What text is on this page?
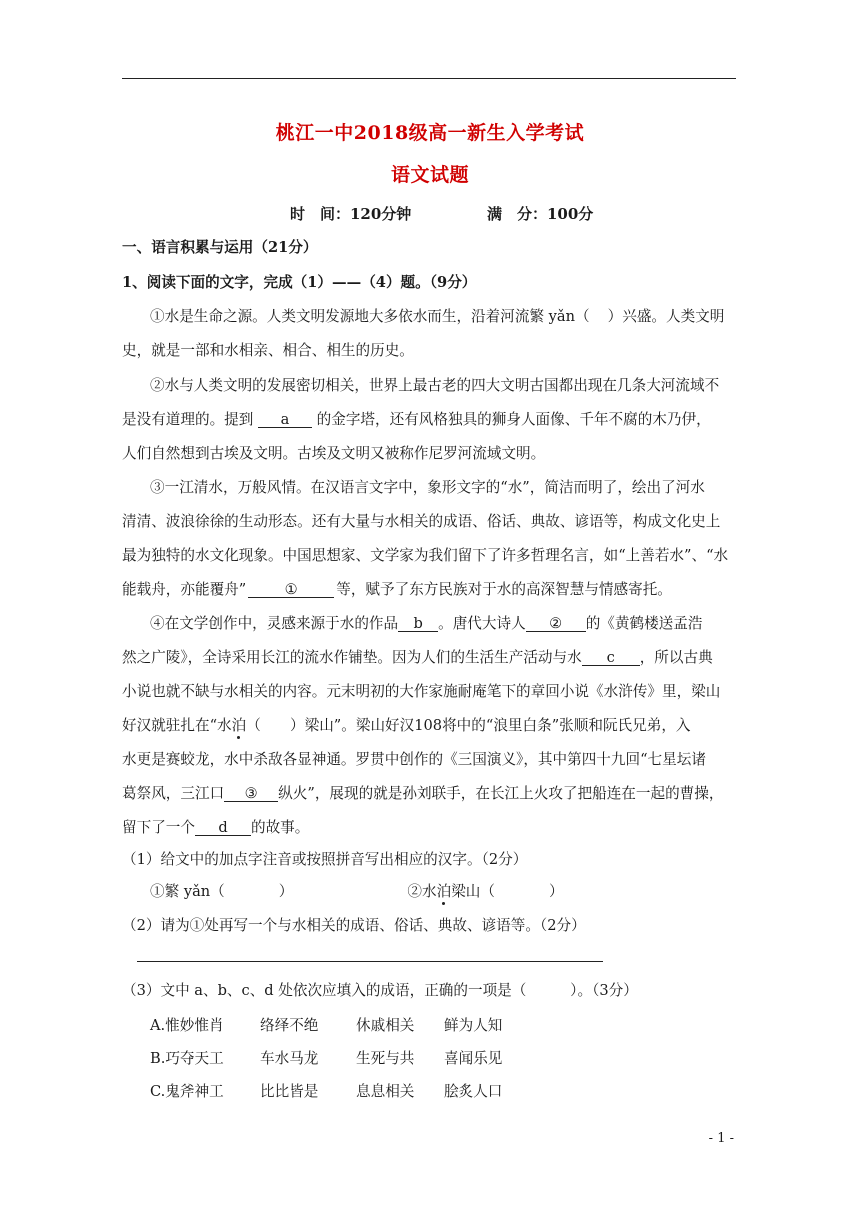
桃江一中2018级高一新生入学考试
语文试题
时　间：120分钟	满　分：100分
一、语言积累与运用（21分）
1、阅读下面的文字，完成（1）——（4）题。（9分）
①水是生命之源。人类文明发源地大多依水而生，沿着河流繁 yǎn（ ）兴盛。人类文明
史，就是一部和水相亲、相合、相生的历史。
②水与人类文明的发展密切相关，世界上最古老的四大文明古国都出现在几条大河流域不
是没有道理的。提到 a 的金字塔，还有风格独具的狮身人面像、千年不腐的木乃伊，
人们自然想到古埃及文明。古埃及文明又被称作尼罗河流域文明。
③一江清水，万般风情。在汉语言文字中，象形文字的“水”，简洁而明了，绘出了河水
清清、波浪徐徐的生动形态。还有大量与水相关的成语、俗话、典故、谚语等，构成文化史上
最为独特的水文化现象。中国思想家、文学家为我们留下了许多哲理名言，如“上善若水”、“水
能载舟，亦能覆舟”	①	等，赋予了东方民族对于水的高深智慧与情感寄托。
④在文学创作中，灵感来源于水的作品 b 。唐代大诗人 ② 的《黄鹤楼送孟浩
然之广陵》，全诗采用长江的流水作铺垫。因为人们的生活生产活动与水 c ，所以古典
小说也就不缺与水相关的内容。元末明初的大作家施耐庵笔下的章回小说《水浒传》里，梁山
好汉就驻扎在“水泊（　　）梁山”。梁山好汉108将中的“浪里白条”张顺和阮氏兄弟，入
水更是赛蛟龙，水中杀敌各显神通。罗贯中创作的《三国演义》，其中第四十九回“七星坛诸
葛祭风，三江口 ③ 纵火”，展现的就是孙刘联手，在长江上火攻了把船连在一起的曹操，
留下了一个 d 的故事。
（1）给文中的加点字注音或按照拼音写出相应的汉字。（2分）
①繁 yǎn（	）	②水泊梁山（	）
（2）请为①处再写一个与水相关的成语、俗话、典故、谚语等。（2分）
（3）文中 a、b、c、d 处依次应填入的成语，正确的一项是（　　　）。（3分）
A.惟妙惟肖 络绎不绝	休戚相关 鲜为人知
B.巧夺天工 车水马龙	生死与共 喜闻乐见
C.鬼斧神工 比比皆是	息息相关 脍炙人口
- 1 -
